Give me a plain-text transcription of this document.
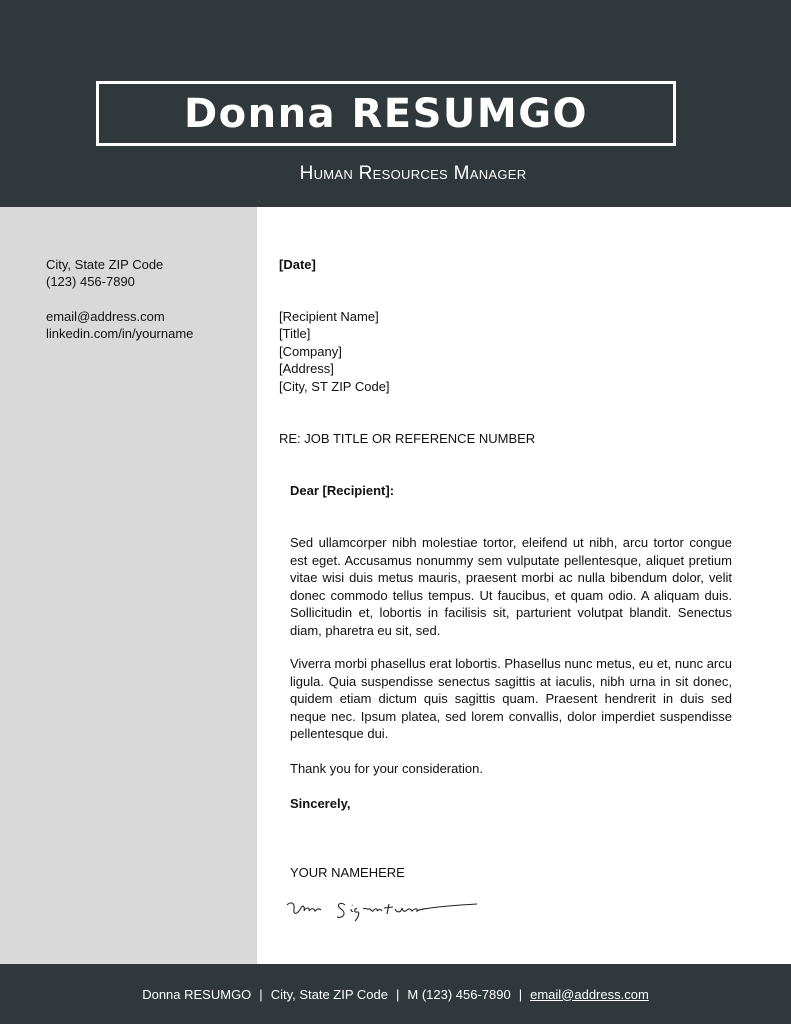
Donna RESUMGO
Human Resources Manager
City, State ZIP Code
(123) 456-7890
email@address.com
linkedin.com/in/yourname
[Date]
[Recipient Name]
[Title]
[Company]
[Address]
[City, ST ZIP Code]
RE: JOB TITLE OR REFERENCE NUMBER
Dear [Recipient]:
Sed ullamcorper nibh molestiae tortor, eleifend ut nibh, arcu tortor congue est eget. Accusamus nonummy sem vulputate pellentesque, aliquet pretium vitae wisi duis metus mauris, praesent morbi ac nulla bibendum dolor, velit donec commodo tellus tempus. Ut faucibus, et quam odio. A aliquam duis. Sollicitudin et, lobortis in facilisis sit, parturient volutpat blandit. Senectus diam, pharetra eu sit, sed.
Viverra morbi phasellus erat lobortis. Phasellus nunc metus, eu et, nunc arcu ligula. Quia suspendisse senectus sagittis at iaculis, nibh urna in sit donec, quidem etiam dictum quis sagittis quam. Praesent hendrerit in duis sed neque nec. Ipsum platea, sed lorem convallis, dolor imperdiet suspendisse pellentesque dui.
Thank you for your consideration.
Sincerely,
YOUR NAMEHERE
Donna RESUMGO | City, State ZIP Code | M (123) 456-7890 | email@address.com
